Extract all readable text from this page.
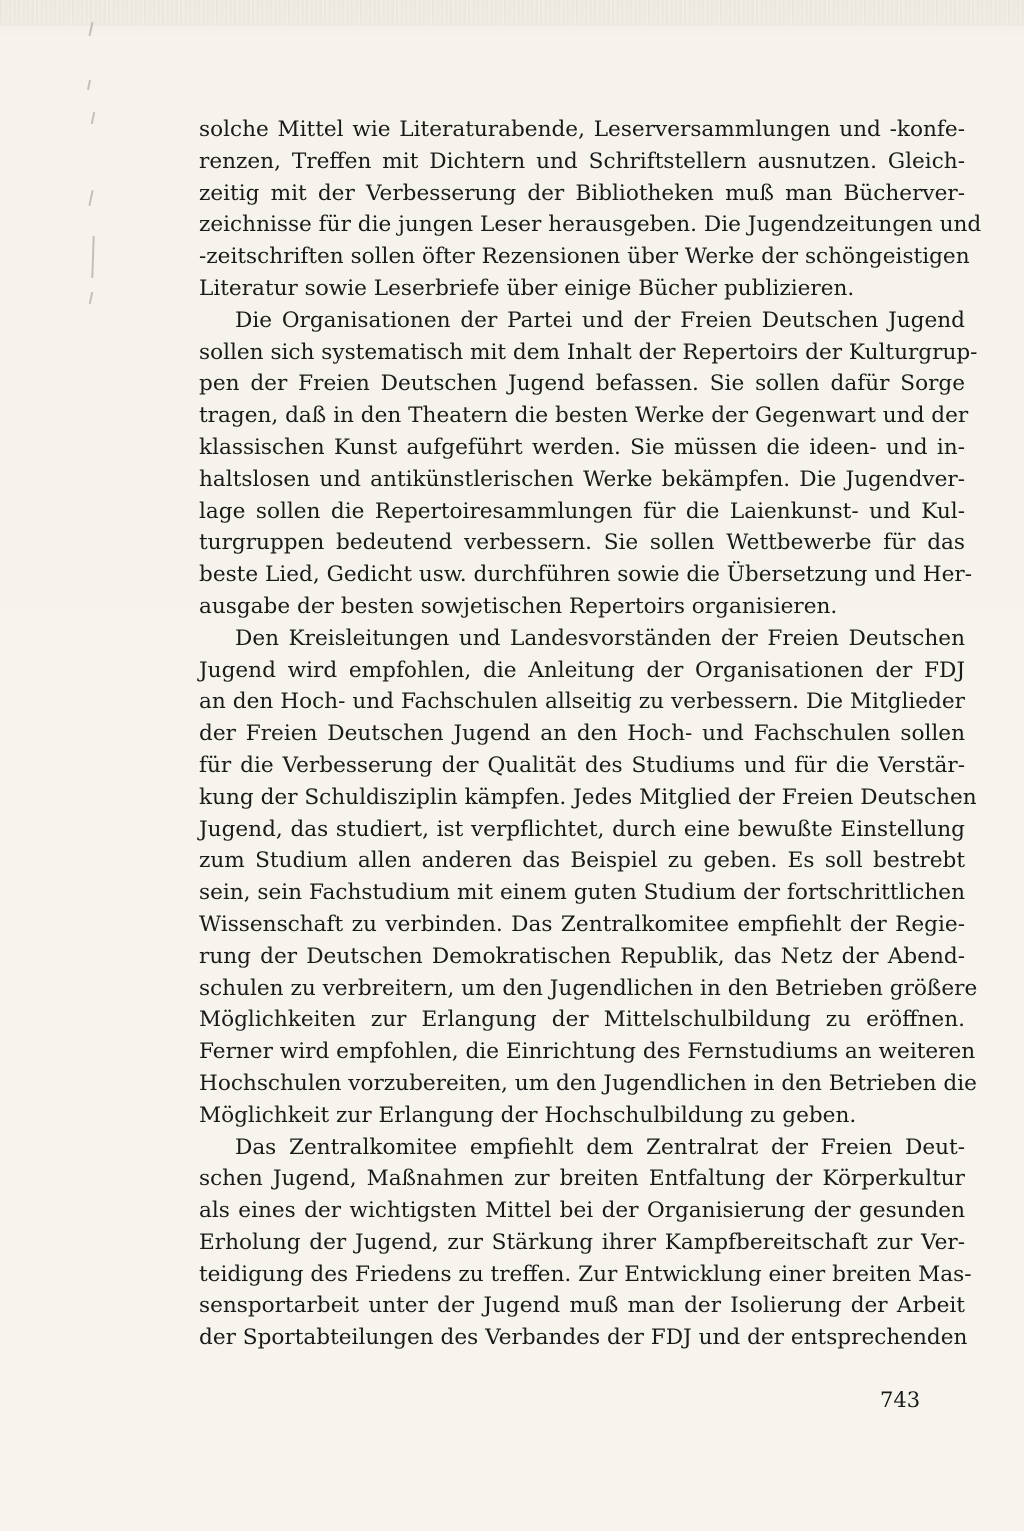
solche Mittel wie Literaturabende, Leserversammlungen und -konfe-
renzen, Treffen mit Dichtern und Schriftstellern ausnutzen. Gleich-
zeitig mit der Verbesserung der Bibliotheken muß man Bücherver-
zeichnisse für die jungen Leser herausgeben. Die Jugendzeitungen und
-zeitschriften sollen öfter Rezensionen über Werke der schöngeistigen
Literatur sowie Leserbriefe über einige Bücher publizieren.
Die Organisationen der Partei und der Freien Deutschen Jugend
sollen sich systematisch mit dem Inhalt der Repertoirs der Kulturgrup-
pen der Freien Deutschen Jugend befassen. Sie sollen dafür Sorge
tragen, daß in den Theatern die besten Werke der Gegenwart und der
klassischen Kunst aufgeführt werden. Sie müssen die ideen- und in-
haltslosen und antikünstlerischen Werke bekämpfen. Die Jugendver-
lage sollen die Repertoiresammlungen für die Laienkunst- und Kul-
turgruppen bedeutend verbessern. Sie sollen Wettbewerbe für das
beste Lied, Gedicht usw. durchführen sowie die Übersetzung und Her-
ausgabe der besten sowjetischen Repertoirs organisieren.
Den Kreisleitungen und Landesvorständen der Freien Deutschen
Jugend wird empfohlen, die Anleitung der Organisationen der FDJ
an den Hoch- und Fachschulen allseitig zu verbessern. Die Mitglieder
der Freien Deutschen Jugend an den Hoch- und Fachschulen sollen
für die Verbesserung der Qualität des Studiums und für die Verstär-
kung der Schuldisziplin kämpfen. Jedes Mitglied der Freien Deutschen
Jugend, das studiert, ist verpflichtet, durch eine bewußte Einstellung
zum Studium allen anderen das Beispiel zu geben. Es soll bestrebt
sein, sein Fachstudium mit einem guten Studium der fortschrittlichen
Wissenschaft zu verbinden. Das Zentralkomitee empfiehlt der Regie-
rung der Deutschen Demokratischen Republik, das Netz der Abend-
schulen zu verbreitern, um den Jugendlichen in den Betrieben größere
Möglichkeiten zur Erlangung der Mittelschulbildung zu eröffnen.
Ferner wird empfohlen, die Einrichtung des Fernstudiums an weiteren
Hochschulen vorzubereiten, um den Jugendlichen in den Betrieben die
Möglichkeit zur Erlangung der Hochschulbildung zu geben.
Das Zentralkomitee empfiehlt dem Zentralrat der Freien Deut-
schen Jugend, Maßnahmen zur breiten Entfaltung der Körperkultur
als eines der wichtigsten Mittel bei der Organisierung der gesunden
Erholung der Jugend, zur Stärkung ihrer Kampfbereitschaft zur Ver-
teidigung des Friedens zu treffen. Zur Entwicklung einer breiten Mas-
sensportarbeit unter der Jugend muß man der Isolierung der Arbeit
der Sportabteilungen des Verbandes der FDJ und der entsprechenden
743
